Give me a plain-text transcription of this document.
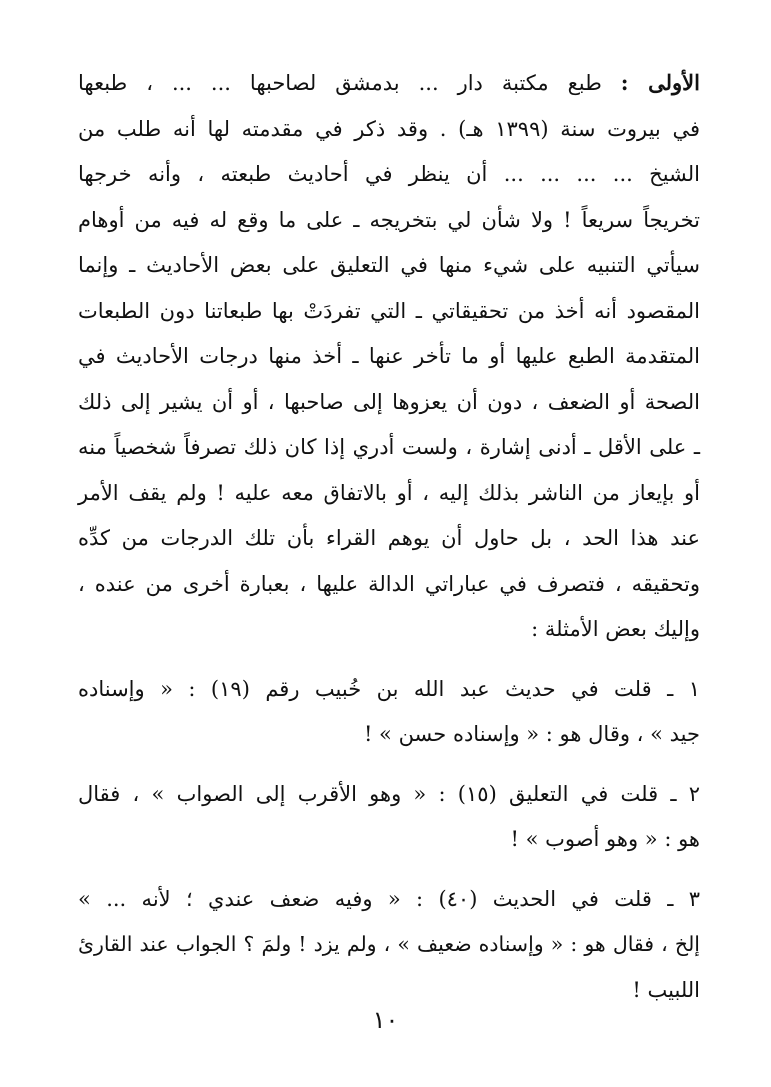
الأولى : طبع مكتبة دار ... بدمشق لصاحبها ... ... ، طبعها
في بيروت سنة (١٣٩٩ هـ) . وقد ذكر في مقدمته لها أنه طلب من
الشيخ ... ... ... ... أن ينظر في أحاديث طبعته ، وأنه خرجها
تخريجاً سريعاً ! ولا شأن لي بتخريجه ـ على ما وقع له فيه من أوهام
سيأتي التنبيه على شيء منها في التعليق على بعض الأحاديث ـ وإنما
المقصود أنه أخذ من تحقيقاتي ـ التي تفردَتْ بها طبعاتنا دون الطبعات
المتقدمة الطبع عليها أو ما تأخر عنها ـ أخذ منها درجات الأحاديث في
الصحة أو الضعف ، دون أن يعزوها إلى صاحبها ، أو أن يشير إلى ذلك
ـ على الأقل ـ أدنى إشارة ، ولست أدري إذا كان ذلك تصرفاً شخصياً منه
أو بإيعاز من الناشر بذلك إليه ، أو بالاتفاق معه عليه ! ولم يقف الأمر
عند هذا الحد ، بل حاول أن يوهم القراء بأن تلك الدرجات من كدِّه
وتحقيقه ، فتصرف في عباراتي الدالة عليها ، بعبارة أخرى من عنده ،
وإليك بعض الأمثلة :
١ ـ قلت في حديث عبد الله بن خُبيب رقم (١٩) : « وإسناده
جيد » ، وقال هو : « وإسناده حسن » !
٢ ـ قلت في التعليق (١٥) : « وهو الأقرب إلى الصواب » ، فقال
هو : « وهو أصوب » !
٣ ـ قلت في الحديث (٤٠) : « وفيه ضعف عندي ؛ لأنه ... »
إلخ ، فقال هو : « وإسناده ضعيف » ، ولم يزد ! ولمَ ؟ الجواب عند القارئ
اللبيب !
١٠
